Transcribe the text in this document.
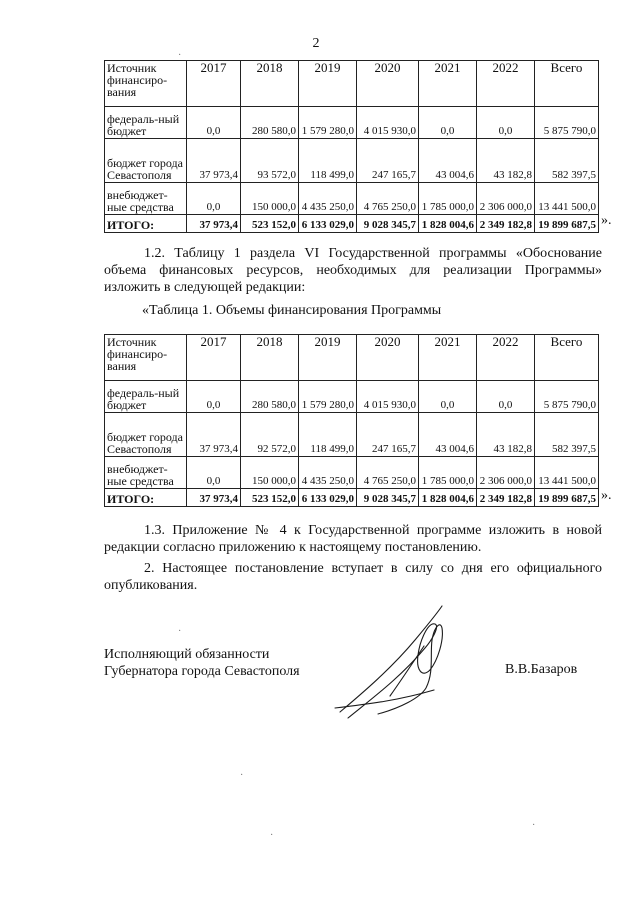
2
Источник финансиро-вания	2017	2018	2019	2020	2021	2022	Всего
федераль-ный бюджет	0,0	280 580,0	1 579 280,0	4 015 930,0	0,0	0,0	5 875 790,0
бюджет города Севастополя	37 973,4	93 572,0	118 499,0	247 165,7	43 004,6	43 182,8	582 397,5
внебюджет-ные средства	0,0	150 000,0	4 435 250,0	4 765 250,0	1 785 000,0	2 306 000,0	13 441 500,0
ИТОГО:	37 973,4	523 152,0	6 133 029,0	9 028 345,7	1 828 004,6	2 349 182,8	19 899 687,5 ».
1.2. Таблицу 1 раздела VI Государственной программы «Обоснование объема финансовых ресурсов, необходимых для реализации Программы» изложить в следующей редакции:
«Таблица 1. Объемы финансирования Программы
Источник финансиро-вания	2017	2018	2019	2020	2021	2022	Всего
федераль-ный бюджет	0,0	280 580,0	1 579 280,0	4 015 930,0	0,0	0,0	5 875 790,0
бюджет города Севастополя	37 973,4	92 572,0	118 499,0	247 165,7	43 004,6	43 182,8	582 397,5
внебюджет-ные средства	0,0	150 000,0	4 435 250,0	4 765 250,0	1 785 000,0	2 306 000,0	13 441 500,0
ИТОГО:	37 973,4	523 152,0	6 133 029,0	9 028 345,7	1 828 004,6	2 349 182,8	19 899 687,5 ».
1.3. Приложение № 4 к Государственной программе изложить в новой редакции согласно приложению к настоящему постановлению.
2. Настоящее постановление вступает в силу со дня его официального опубликования.
Исполняющий обязанности
Губернатора города Севастополя	В.В.Базаров
·
·
·
·
·
